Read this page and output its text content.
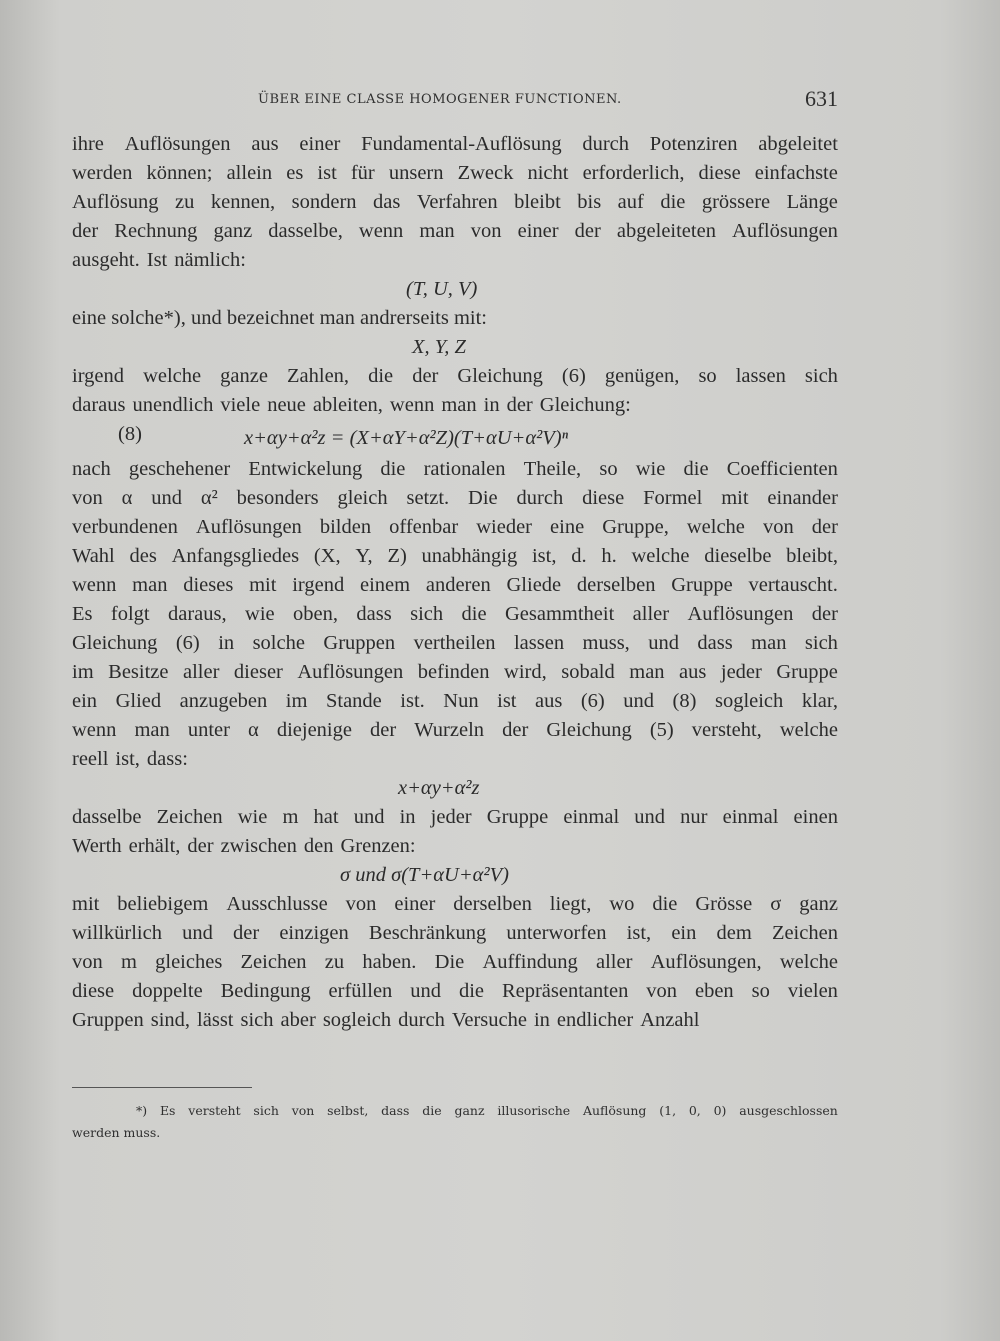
ÜBER EINE CLASSE HOMOGENER FUNCTIONEN.	631
ihre Auflösungen aus einer Fundamental-Auflösung durch Potenziren abgeleitet
werden können; allein es ist für unsern Zweck nicht erforderlich, diese einfachste
Auflösung zu kennen, sondern das Verfahren bleibt bis auf die grössere Länge
der Rechnung ganz dasselbe, wenn man von einer der abgeleiteten Auflösungen
ausgeht. Ist nämlich:
(T, U, V)
eine solche*), und bezeichnet man andrerseits mit:
X, Y, Z
irgend welche ganze Zahlen, die der Gleichung (6) genügen, so lassen sich
daraus unendlich viele neue ableiten, wenn man in der Gleichung:
(8)	x+αy+α²z = (X+αY+α²Z)(T+αU+α²V)ⁿ
nach geschehener Entwickelung die rationalen Theile, so wie die Coefficienten
von α und α² besonders gleich setzt. Die durch diese Formel mit einander
verbundenen Auflösungen bilden offenbar wieder eine Gruppe, welche von der
Wahl des Anfangsgliedes (X, Y, Z) unabhängig ist, d. h. welche dieselbe bleibt,
wenn man dieses mit irgend einem anderen Gliede derselben Gruppe vertauscht.
Es folgt daraus, wie oben, dass sich die Gesammtheit aller Auflösungen der
Gleichung (6) in solche Gruppen vertheilen lassen muss, und dass man sich
im Besitze aller dieser Auflösungen befinden wird, sobald man aus jeder Gruppe
ein Glied anzugeben im Stande ist. Nun ist aus (6) und (8) sogleich klar,
wenn man unter α diejenige der Wurzeln der Gleichung (5) versteht, welche
reell ist, dass:
x+αy+α²z
dasselbe Zeichen wie m hat und in jeder Gruppe einmal und nur einmal einen
Werth erhält, der zwischen den Grenzen:
σ und σ(T+αU+α²V)
mit beliebigem Ausschlusse von einer derselben liegt, wo die Grösse σ ganz
willkürlich und der einzigen Beschränkung unterworfen ist, ein dem Zeichen
von m gleiches Zeichen zu haben. Die Auffindung aller Auflösungen, welche
diese doppelte Bedingung erfüllen und die Repräsentanten von eben so vielen
Gruppen sind, lässt sich aber sogleich durch Versuche in endlicher Anzahl
*) Es versteht sich von selbst, dass die ganz illusorische Auflösung (1, 0, 0) ausgeschlossen
werden muss.
